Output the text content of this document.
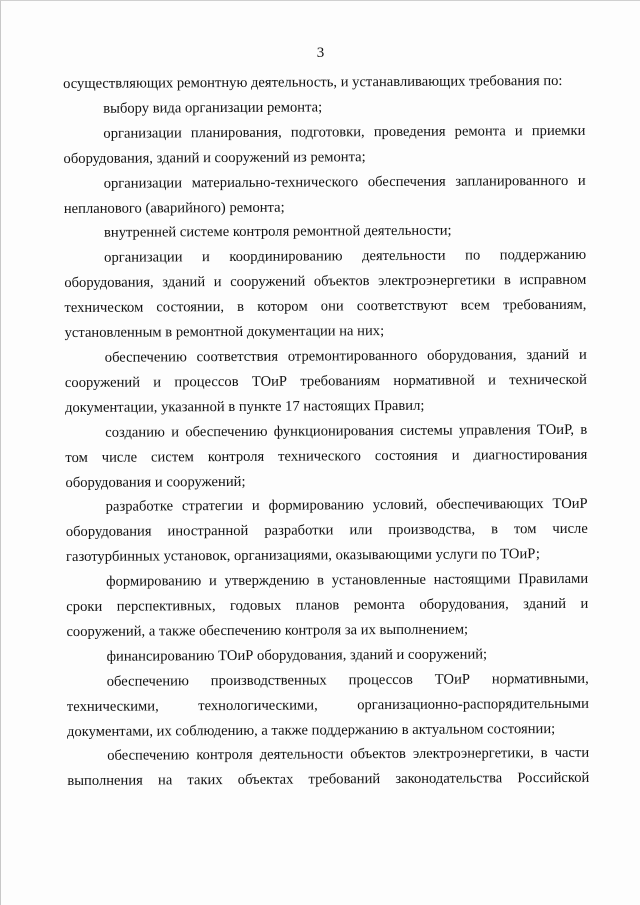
3

осуществляющих ремонтную деятельность, и устанавливающих требования по:

выбору вида организации ремонта;

организации планирования, подготовки, проведения ремонта и приемки оборудования, зданий и сооружений из ремонта;

организации материально-технического обеспечения запланированного и непланового (аварийного) ремонта;

внутренней системе контроля ремонтной деятельности;

организации и координированию деятельности по поддержанию оборудования, зданий и сооружений объектов электроэнергетики в исправном техническом состоянии, в котором они соответствуют всем требованиям, установленным в ремонтной документации на них;

обеспечению соответствия отремонтированного оборудования, зданий и сооружений и процессов ТОиР требованиям нормативной и технической документации, указанной в пункте 17 настоящих Правил;

созданию и обеспечению функционирования системы управления ТОиР, в том числе систем контроля технического состояния и диагностирования оборудования и сооружений;

разработке стратегии и формированию условий, обеспечивающих ТОиР оборудования иностранной разработки или производства, в том числе газотурбинных установок, организациями, оказывающими услуги по ТОиР;

формированию и утверждению в установленные настоящими Правилами сроки перспективных, годовых планов ремонта оборудования, зданий и сооружений, а также обеспечению контроля за их выполнением;

финансированию ТОиР оборудования, зданий и сооружений;

обеспечению производственных процессов ТОиР нормативными, техническими, технологическими, организационно-распорядительными документами, их соблюдению, а также поддержанию в актуальном состоянии;

обеспечению контроля деятельности объектов электроэнергетики, в части выполнения на таких объектах требований законодательства Российской
